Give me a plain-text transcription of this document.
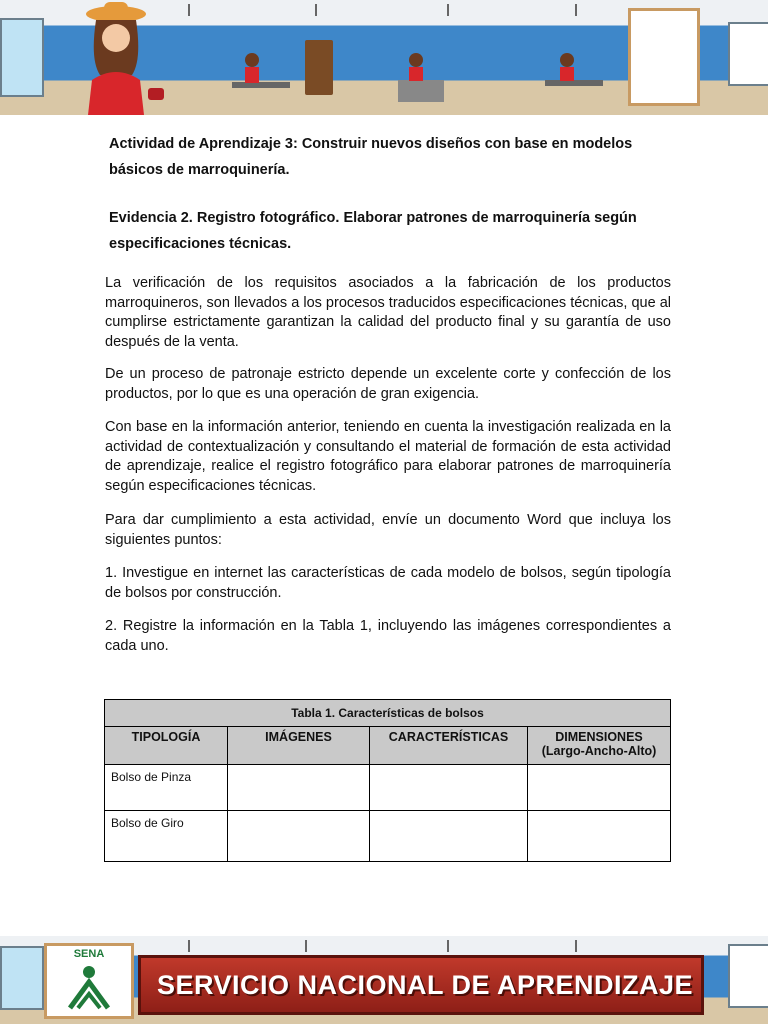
Actividad de Aprendizaje 3: Construir nuevos diseños con base en modelos básicos de marroquinería.
Evidencia 2. Registro fotográfico. Elaborar patrones de marroquinería según especificaciones técnicas.
La verificación de los requisitos asociados a la fabricación de los productos marroquineros, son llevados a los procesos traducidos especificaciones técnicas, que al cumplirse estrictamente garantizan la calidad del producto final y su garantía de uso después de la venta.
De un proceso de patronaje estricto depende un excelente corte y confección de los productos, por lo que es una operación de gran exigencia.
Con base en la información anterior, teniendo en cuenta la investigación realizada en la actividad de contextualización y consultando el material de formación de esta actividad de aprendizaje, realice el registro fotográfico para elaborar patrones de marroquinería según especificaciones técnicas.
Para dar cumplimiento a esta actividad, envíe un documento Word que incluya los siguientes puntos:
1. Investigue en internet las características de cada modelo de bolsos, según tipología de bolsos por construcción.
2. Registre la información en la Tabla 1, incluyendo las imágenes correspondientes a cada uno.
Tabla 1. Características de bolsos			
TIPOLOGÍA	IMÁGENES	CARACTERÍSTICAS	DIMENSIONES
(Largo-Ancho-Alto)
Bolso de Pinza			
Bolso de Giro			
SENA
SERVICIO NACIONAL DE APRENDIZAJE
